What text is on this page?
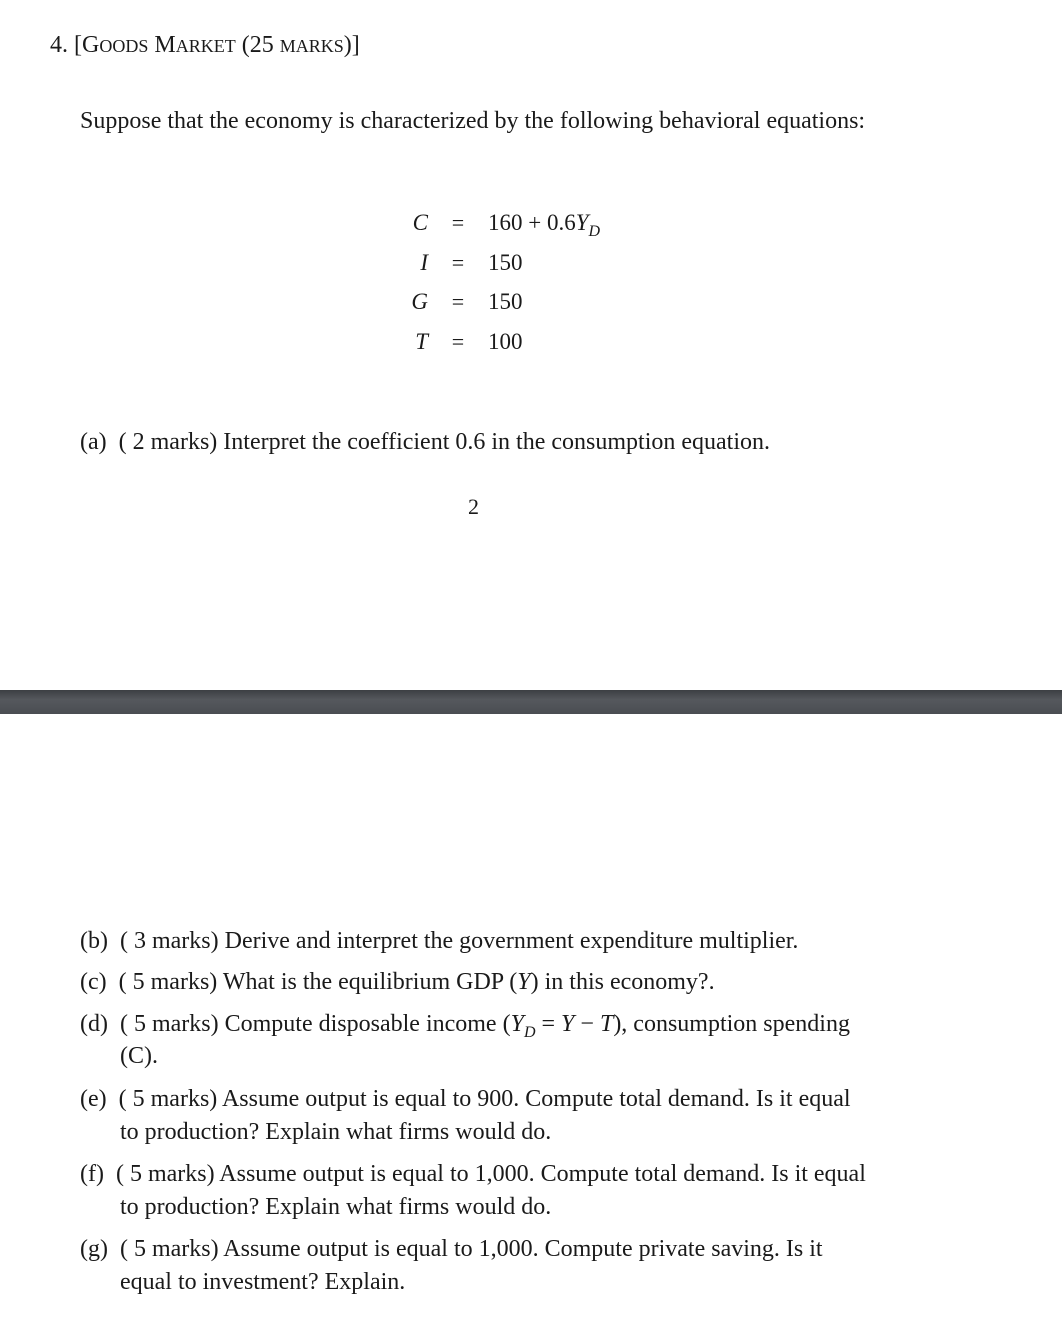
4. [GOODS MARKET (25 MARKS)]
Suppose that the economy is characterized by the following behavioral equations:
$C = 160 + 0.6Y_D$
I = 150
G = 150
T = 100
(a) ( 2 marks) Interpret the coefficient 0.6 in the consumption equation.
2
(b) ( 3 marks) Derive and interpret the government expenditure multiplier.
(c) ( 5 marks) What is the equilibrium GDP (Y) in this economy?.
(d) ( 5 marks) Compute disposable income $(Y_D = Y - T)$, consumption spending
(C).
(e) ( 5 marks) Assume output is equal to 900. Compute total demand. Is it equal
to production? Explain what firms would do.
(f) ( 5 marks) Assume output is equal to 1,000. Compute total demand. Is it equal
to production? Explain what firms would do.
(g) ( 5 marks) Assume output is equal to 1,000. Compute private saving. Is it
equal to investment? Explain.
